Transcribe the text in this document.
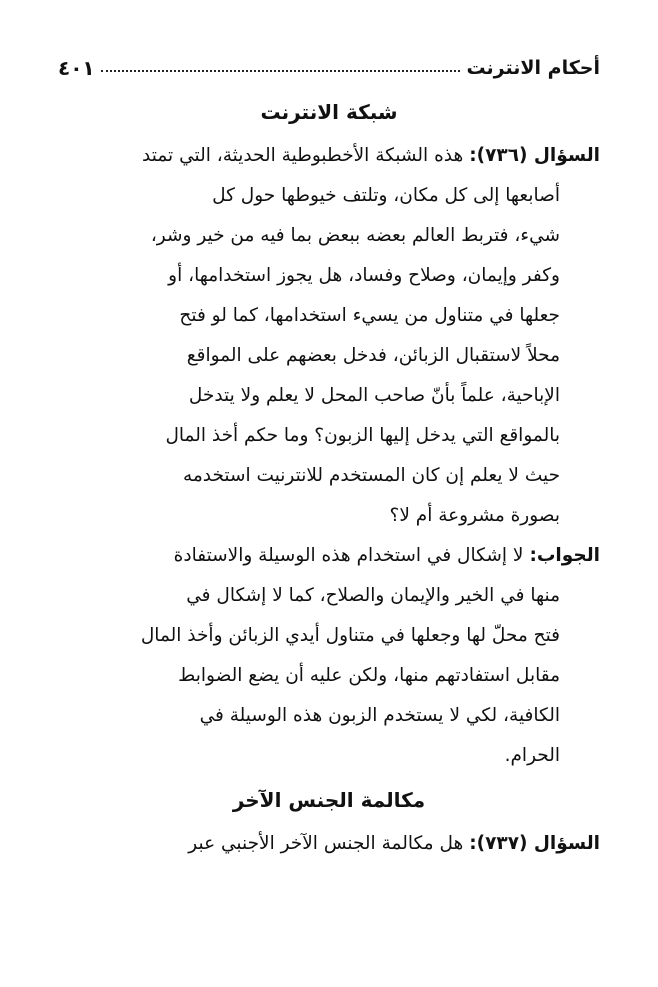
أحكام الانترنت
٤٠١
شبكة الانترنت

السؤال (٧٣٦):هذه الشبكة الأخطبوطية الحديثة، التي تمتد
أصابعها إلى كل مكان، وتلتف خيوطها حول كل
شيء، فتربط العالم بعضه ببعض بما فيه من خير وشر،
وكفر وإيمان، وصلاح وفساد، هل يجوز استخدامها، أو
جعلها في متناول من يسيء استخدامها، كما لو فتح
محلاً لاستقبال الزبائن، فدخل بعضهم على المواقع
الإباحية، علماً بأنّ صاحب المحل لا يعلم ولا يتدخل
بالمواقع التي يدخل إليها الزبون؟ وما حكم أخذ المال
حيث لا يعلم إن كان المستخدم للانترنيت استخدمه
بصورة مشروعة أم لا؟

الجواب:لا إشكال في استخدام هذه الوسيلة والاستفادة
منها في الخير والإيمان والصلاح، كما لا إشكال في
فتح محلّ لها وجعلها في متناول أيدي الزبائن وأخذ المال
مقابل استفادتهم منها، ولكن عليه أن يضع الضوابط
الكافية، لكي لا يستخدم الزبون هذه الوسيلة في
الحرام.

مكالمة الجنس الآخر

السؤال (٧٣٧):هل مكالمة الجنس الآخر الأجنبي عبر
